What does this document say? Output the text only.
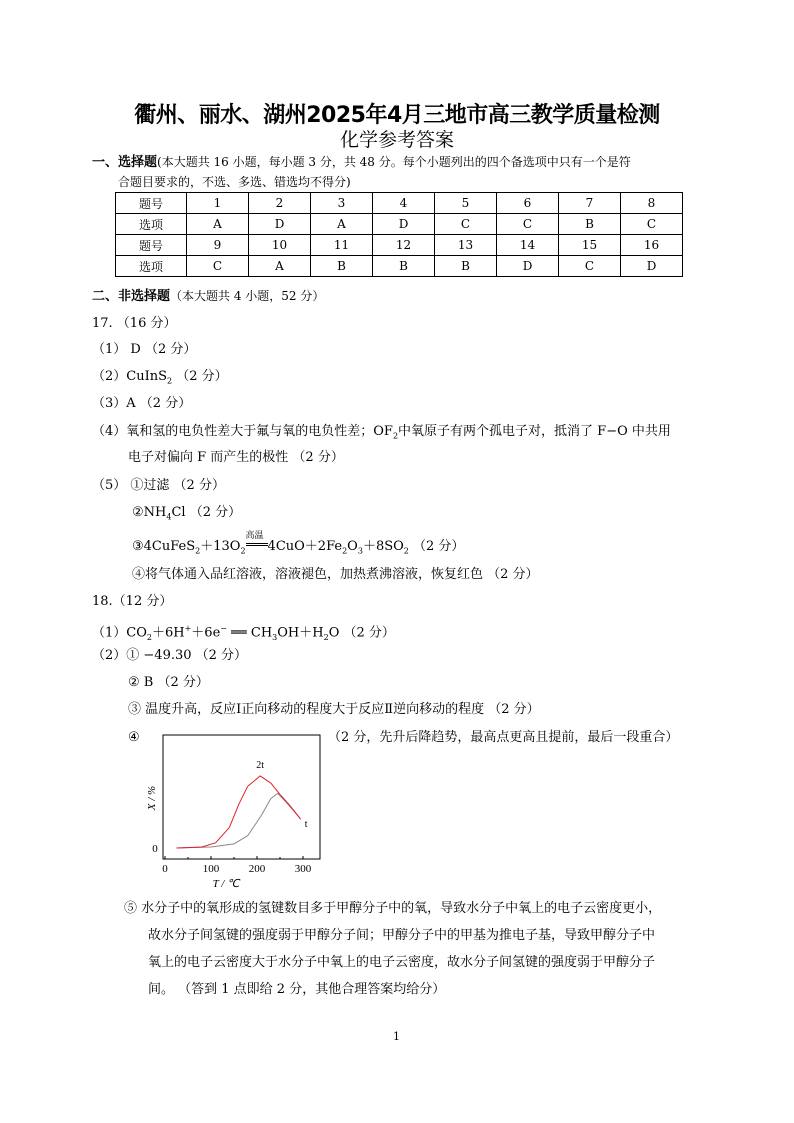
衢州、丽水、湖州2025年4月三地市高三教学质量检测
化学参考答案
一、选择题(本大题共 16 小题，每小题 3 分，共 48 分。每个小题列出的四个备选项中只有一个是符
合题目要求的，不选、多选、错选均不得分)
题号	1	2	3	4	5	6	7	8
选项	A	D	A	D	C	C	B	C
题号	9	10	11	12	13	14	15	16
选项	C	A	B	B	B	D	C	D
二、非选择题（本大题共 4 小题，52 分）
17. （16 分）
（1） D （2 分）
（2）CuInS$_2$ （2 分）
（3）A （2 分）
（4）氧和氢的电负性差大于氟与氧的电负性差；$OF_2$中氧原子有两个孤电子对，抵消了 F−O 中共用
电子对偏向 F 而产生的极性 （2 分）
（5） ①过滤 （2 分）
$②NH_4Cl$ （2 分）
$③4CuFeS_2+13O_2$
高温
$4CuO+2Fe_2O_3+8SO_2$ （2 分）
④将气体通入品红溶液，溶液褪色，加热煮沸溶液，恢复红色 （2 分）
18.（12 分）
$(1)CO_2+6H^++6e^-$ ══ $CH_3OH+H_2O$ （2 分）
（2）① −49.30 （2 分）
② B （2 分）
③ 温度升高，反应Ⅰ正向移动的程度大于反应Ⅱ逆向移动的程度 （2 分）
④	（2 分，先升后降趋势，最高点更高且提前，最后一段重合）
0	100	200	300
0
T / ℃
X / %
2t
t
⑤ 水分子中的氧形成的氢键数目多于甲醇分子中的氧，导致水分子中氧上的电子云密度更小，
故水分子间氢键的强度弱于甲醇分子间；甲醇分子中的甲基为推电子基，导致甲醇分子中
氧上的电子云密度大于水分子中氧上的电子云密度，故水分子间氢键的强度弱于甲醇分子
间。 （答到 1 点即给 2 分，其他合理答案均给分）
1
